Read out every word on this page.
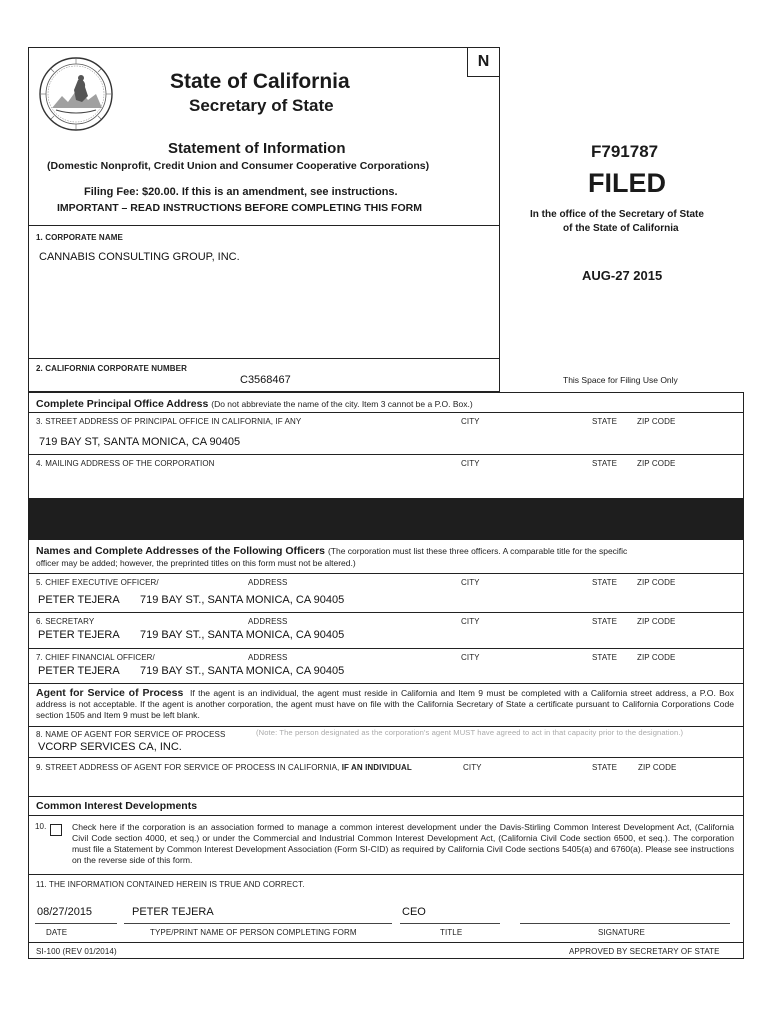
N
State of California
Secretary of State
Statement of Information
(Domestic Nonprofit, Credit Union and Consumer Cooperative Corporations)
Filing Fee: $20.00. If this is an amendment, see instructions.
IMPORTANT – READ INSTRUCTIONS BEFORE COMPLETING THIS FORM
1. CORPORATE NAME
CANNABIS CONSULTING GROUP, INC.
2. CALIFORNIA CORPORATE NUMBER
C3568467
F791787
FILED
In the office of the Secretary of State
of the State of California
AUG-27 2015
This Space for Filing Use Only
Complete Principal Office Address (Do not abbreviate the name of the city. Item 3 cannot be a P.O. Box.)
3. STREET ADDRESS OF PRINCIPAL OFFICE IN CALIFORNIA, IF ANY	CITY	STATE ZIP CODE
719 BAY ST, SANTA MONICA, CA 90405
4. MAILING ADDRESS OF THE CORPORATION	CITY	STATE ZIP CODE
Names and Complete Addresses of the Following Officers (The corporation must list these three officers. A comparable title for the specific
officer may be added; however, the preprinted titles on this form must not be altered.)
5. CHIEF EXECUTIVE OFFICER/	ADDRESS	CITY	STATE ZIP CODE
PETER TEJERA 719 BAY ST., SANTA MONICA, CA 90405
6. SECRETARY	ADDRESS	CITY	STATE ZIP CODE
PETER TEJERA 719 BAY ST., SANTA MONICA, CA 90405
7. CHIEF FINANCIAL OFFICER/	ADDRESS	CITY	STATE ZIP CODE
PETER TEJERA 719 BAY ST., SANTA MONICA, CA 90405
Agent for Service of Process If the agent is an individual, the agent must reside in California and Item 9 must be completed with a California street address, a P.O. Box address is not acceptable. If the agent is another corporation, the agent must have on file with the California Secretary of State a certificate pursuant to California Corporations Code section 1505 and Item 9 must be left blank.
8. NAME OF AGENT FOR SERVICE OF PROCESS	(Note: The person designated as the corporation's agent MUST have agreed to act in that capacity prior to the designation.)
VCORP SERVICES CA, INC.
9. STREET ADDRESS OF AGENT FOR SERVICE OF PROCESS IN CALIFORNIA, IF AN INDIVIDUAL	CITY	STATE	ZIP CODE
Common Interest Developments
10.	Check here if the corporation is an association formed to manage a common interest development under the Davis-Stirling Common Interest Development Act, (California Civil Code section 4000, et seq.) or under the Commercial and Industrial Common Interest Development Act, (California Civil Code section 6500, et seq.). The corporation must file a Statement by Common Interest Development Association (Form SI-CID) as required by California Civil Code sections 5405(a) and 6760(a). Please see instructions on the reverse side of this form.
11. THE INFORMATION CONTAINED HEREIN IS TRUE AND CORRECT.
08/27/2015	PETER TEJERA	CEO
DATE	TYPE/PRINT NAME OF PERSON COMPLETING FORM	TITLE	SIGNATURE
SI-100 (REV 01/2014)	APPROVED BY SECRETARY OF STATE
